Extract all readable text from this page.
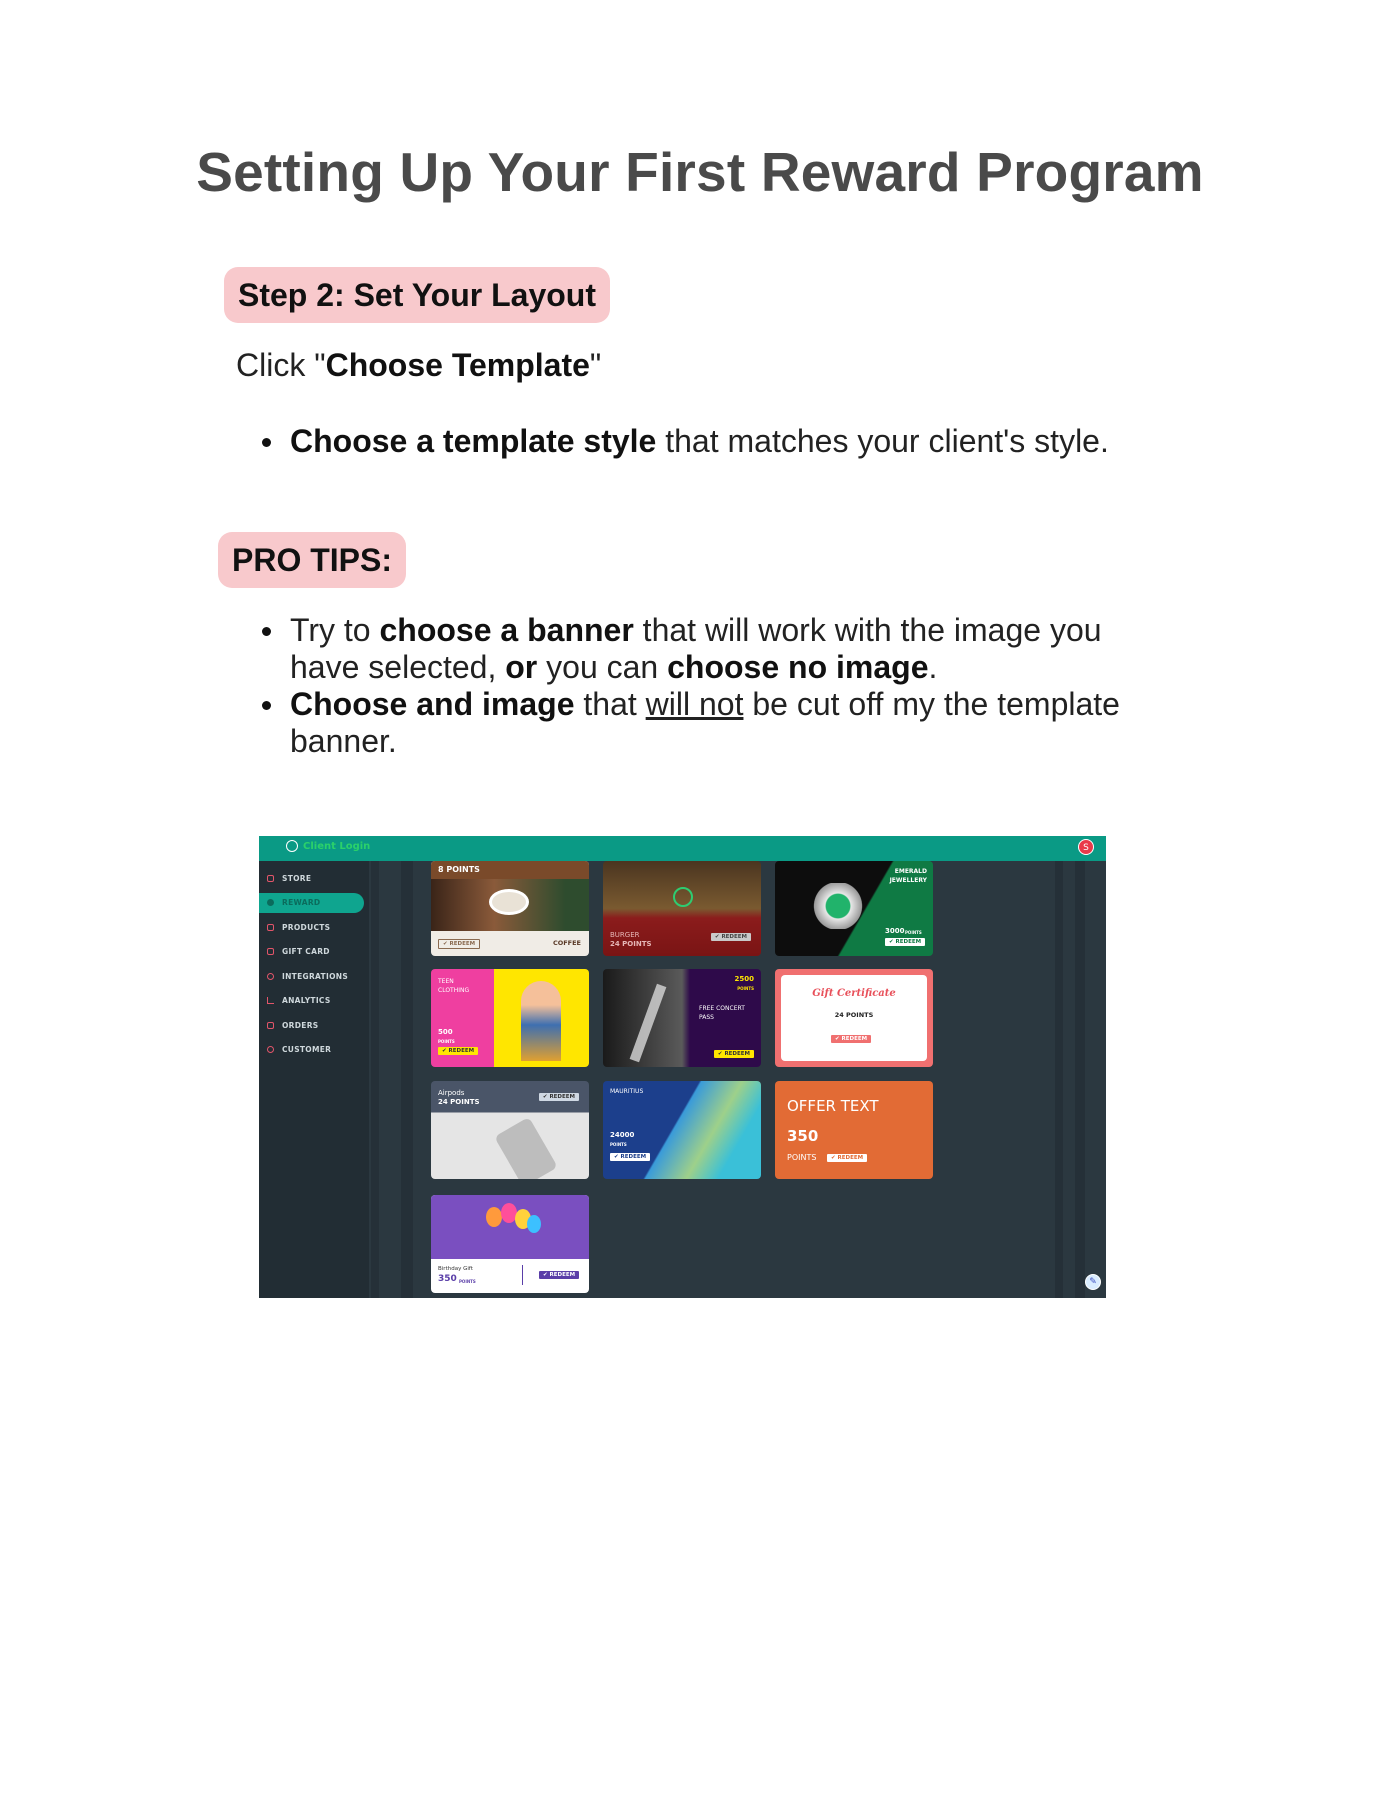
Setting Up Your First Reward Program
Step 2: Set Your Layout
Click "Choose Template"
Choose a template style that matches your client's style.
PRO TIPS:
Try to choose a banner that will work with the image you have selected, or you can choose no image.
Choose and image that will not be cut off my the template banner.
Client Login	S
STORE
REWARD
PRODUCTS
GIFT CARD
INTEGRATIONS
ANALYTICS
ORDERS
CUSTOMER
8 POINTS
✔ REDEEM	COFFEE
BURGER
24 POINTS
✔ REDEEM
EMERALD
JEWELLERY
3000 POINTS
✔ REDEEM
TEEN
CLOTHING
500
POINTS
✔ REDEEM
2500
POINTS
FREE CONCERT
PASS
✔ REDEEM
Gift Certificate
24 POINTS
✔ REDEEM
Airpods
24 POINTS
✔ REDEEM
MAURITIUS
24000
POINTS
✔ REDEEM
OFFER TEXT
350
POINTS	✔ REDEEM
Birthday Gift
350 POINTS
✔ REDEEM
✎
